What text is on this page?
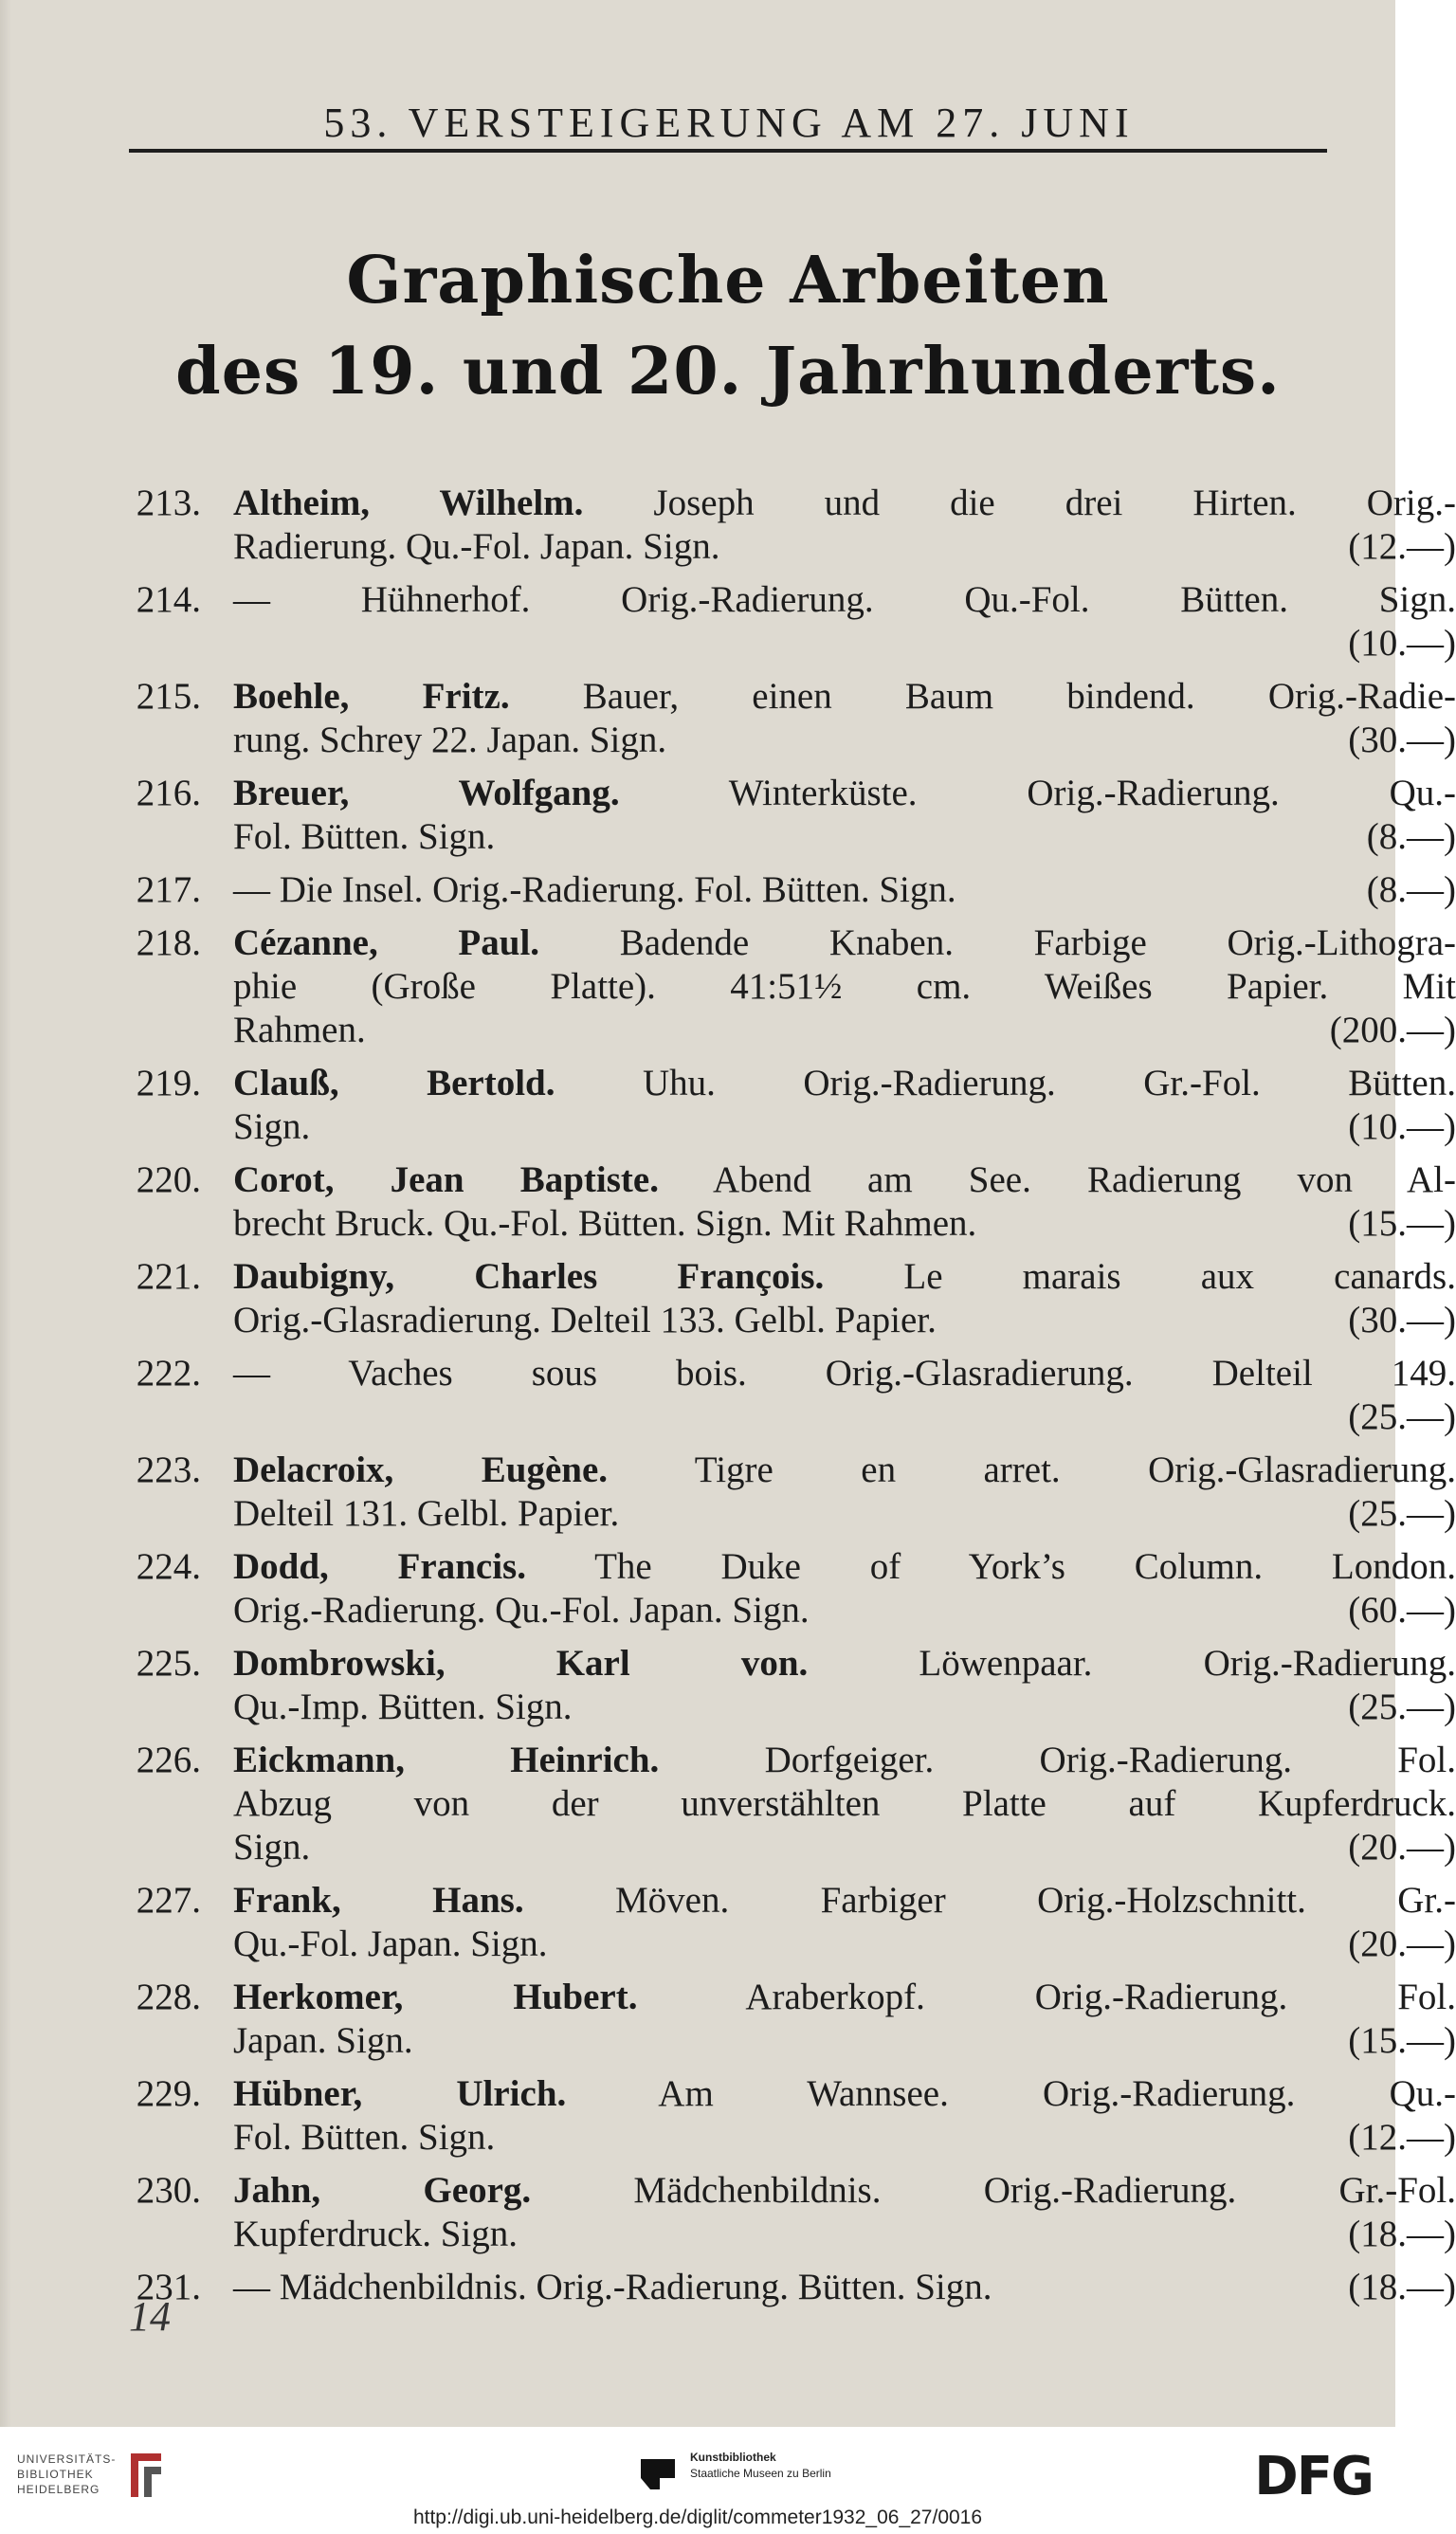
53. VERSTEIGERUNG AM 27. JUNI
Graphische Arbeiten
des 19. und 20. Jahrhunderts.
213. Altheim, Wilhelm. Joseph und die drei Hirten. Orig.-
Radierung. Qu.-Fol. Japan. Sign.	(12.—)
214. — Hühnerhof. Orig.-Radierung. Qu.-Fol. Bütten. Sign.
(10.—)
215. Boehle, Fritz. Bauer, einen Baum bindend. Orig.-Radie-
rung. Schrey 22. Japan. Sign.	(30.—)
216. Breuer, Wolfgang. Winterküste. Orig.-Radierung. Qu.-
Fol. Bütten. Sign.	(8.—)
217. — Die Insel. Orig.-Radierung. Fol. Bütten. Sign.	(8.—)
218. Cézanne, Paul. Badende Knaben. Farbige Orig.-Lithogra-
phie (Große Platte). 41:51½ cm. Weißes Papier. Mit
Rahmen.	(200.—)
219. Clauß, Bertold. Uhu. Orig.-Radierung. Gr.-Fol. Bütten.
Sign.	(10.—)
220. Corot, Jean Baptiste. Abend am See. Radierung von Al-
brecht Bruck. Qu.-Fol. Bütten. Sign. Mit Rahmen.	(15.—)
221. Daubigny, Charles François. Le marais aux canards.
Orig.-Glasradierung. Delteil 133. Gelbl. Papier.	(30.—)
222. — Vaches sous bois. Orig.-Glasradierung. Delteil 149.
(25.—)
223. Delacroix, Eugène. Tigre en arret. Orig.-Glasradierung.
Delteil 131. Gelbl. Papier.	(25.—)
224. Dodd, Francis. The Duke of York’s Column. London.
Orig.-Radierung. Qu.-Fol. Japan. Sign.	(60.—)
225. Dombrowski, Karl von. Löwenpaar. Orig.-Radierung.
Qu.-Imp. Bütten. Sign.	(25.—)
226. Eickmann, Heinrich. Dorfgeiger. Orig.-Radierung. Fol.
Abzug von der unverstählten Platte auf Kupferdruck.
Sign.	(20.—)
227. Frank, Hans. Möven. Farbiger Orig.-Holzschnitt. Gr.-
Qu.-Fol. Japan. Sign.	(20.—)
228. Herkomer, Hubert. Araberkopf. Orig.-Radierung. Fol.
Japan. Sign.	(15.—)
229. Hübner, Ulrich. Am Wannsee. Orig.-Radierung. Qu.-
Fol. Bütten. Sign.	(12.—)
230. Jahn, Georg. Mädchenbildnis. Orig.-Radierung. Gr.-Fol.
Kupferdruck. Sign.	(18.—)
231. — Mädchenbildnis. Orig.-Radierung. Bütten. Sign.	(18.—)
14
UNIVERSITÄTS-
BIBLIOTHEK
HEIDELBERG
Kunstbibliothek
Staatliche Museen zu Berlin	DFG
http://digi.ub.uni-heidelberg.de/diglit/commeter1932_06_27/0016
